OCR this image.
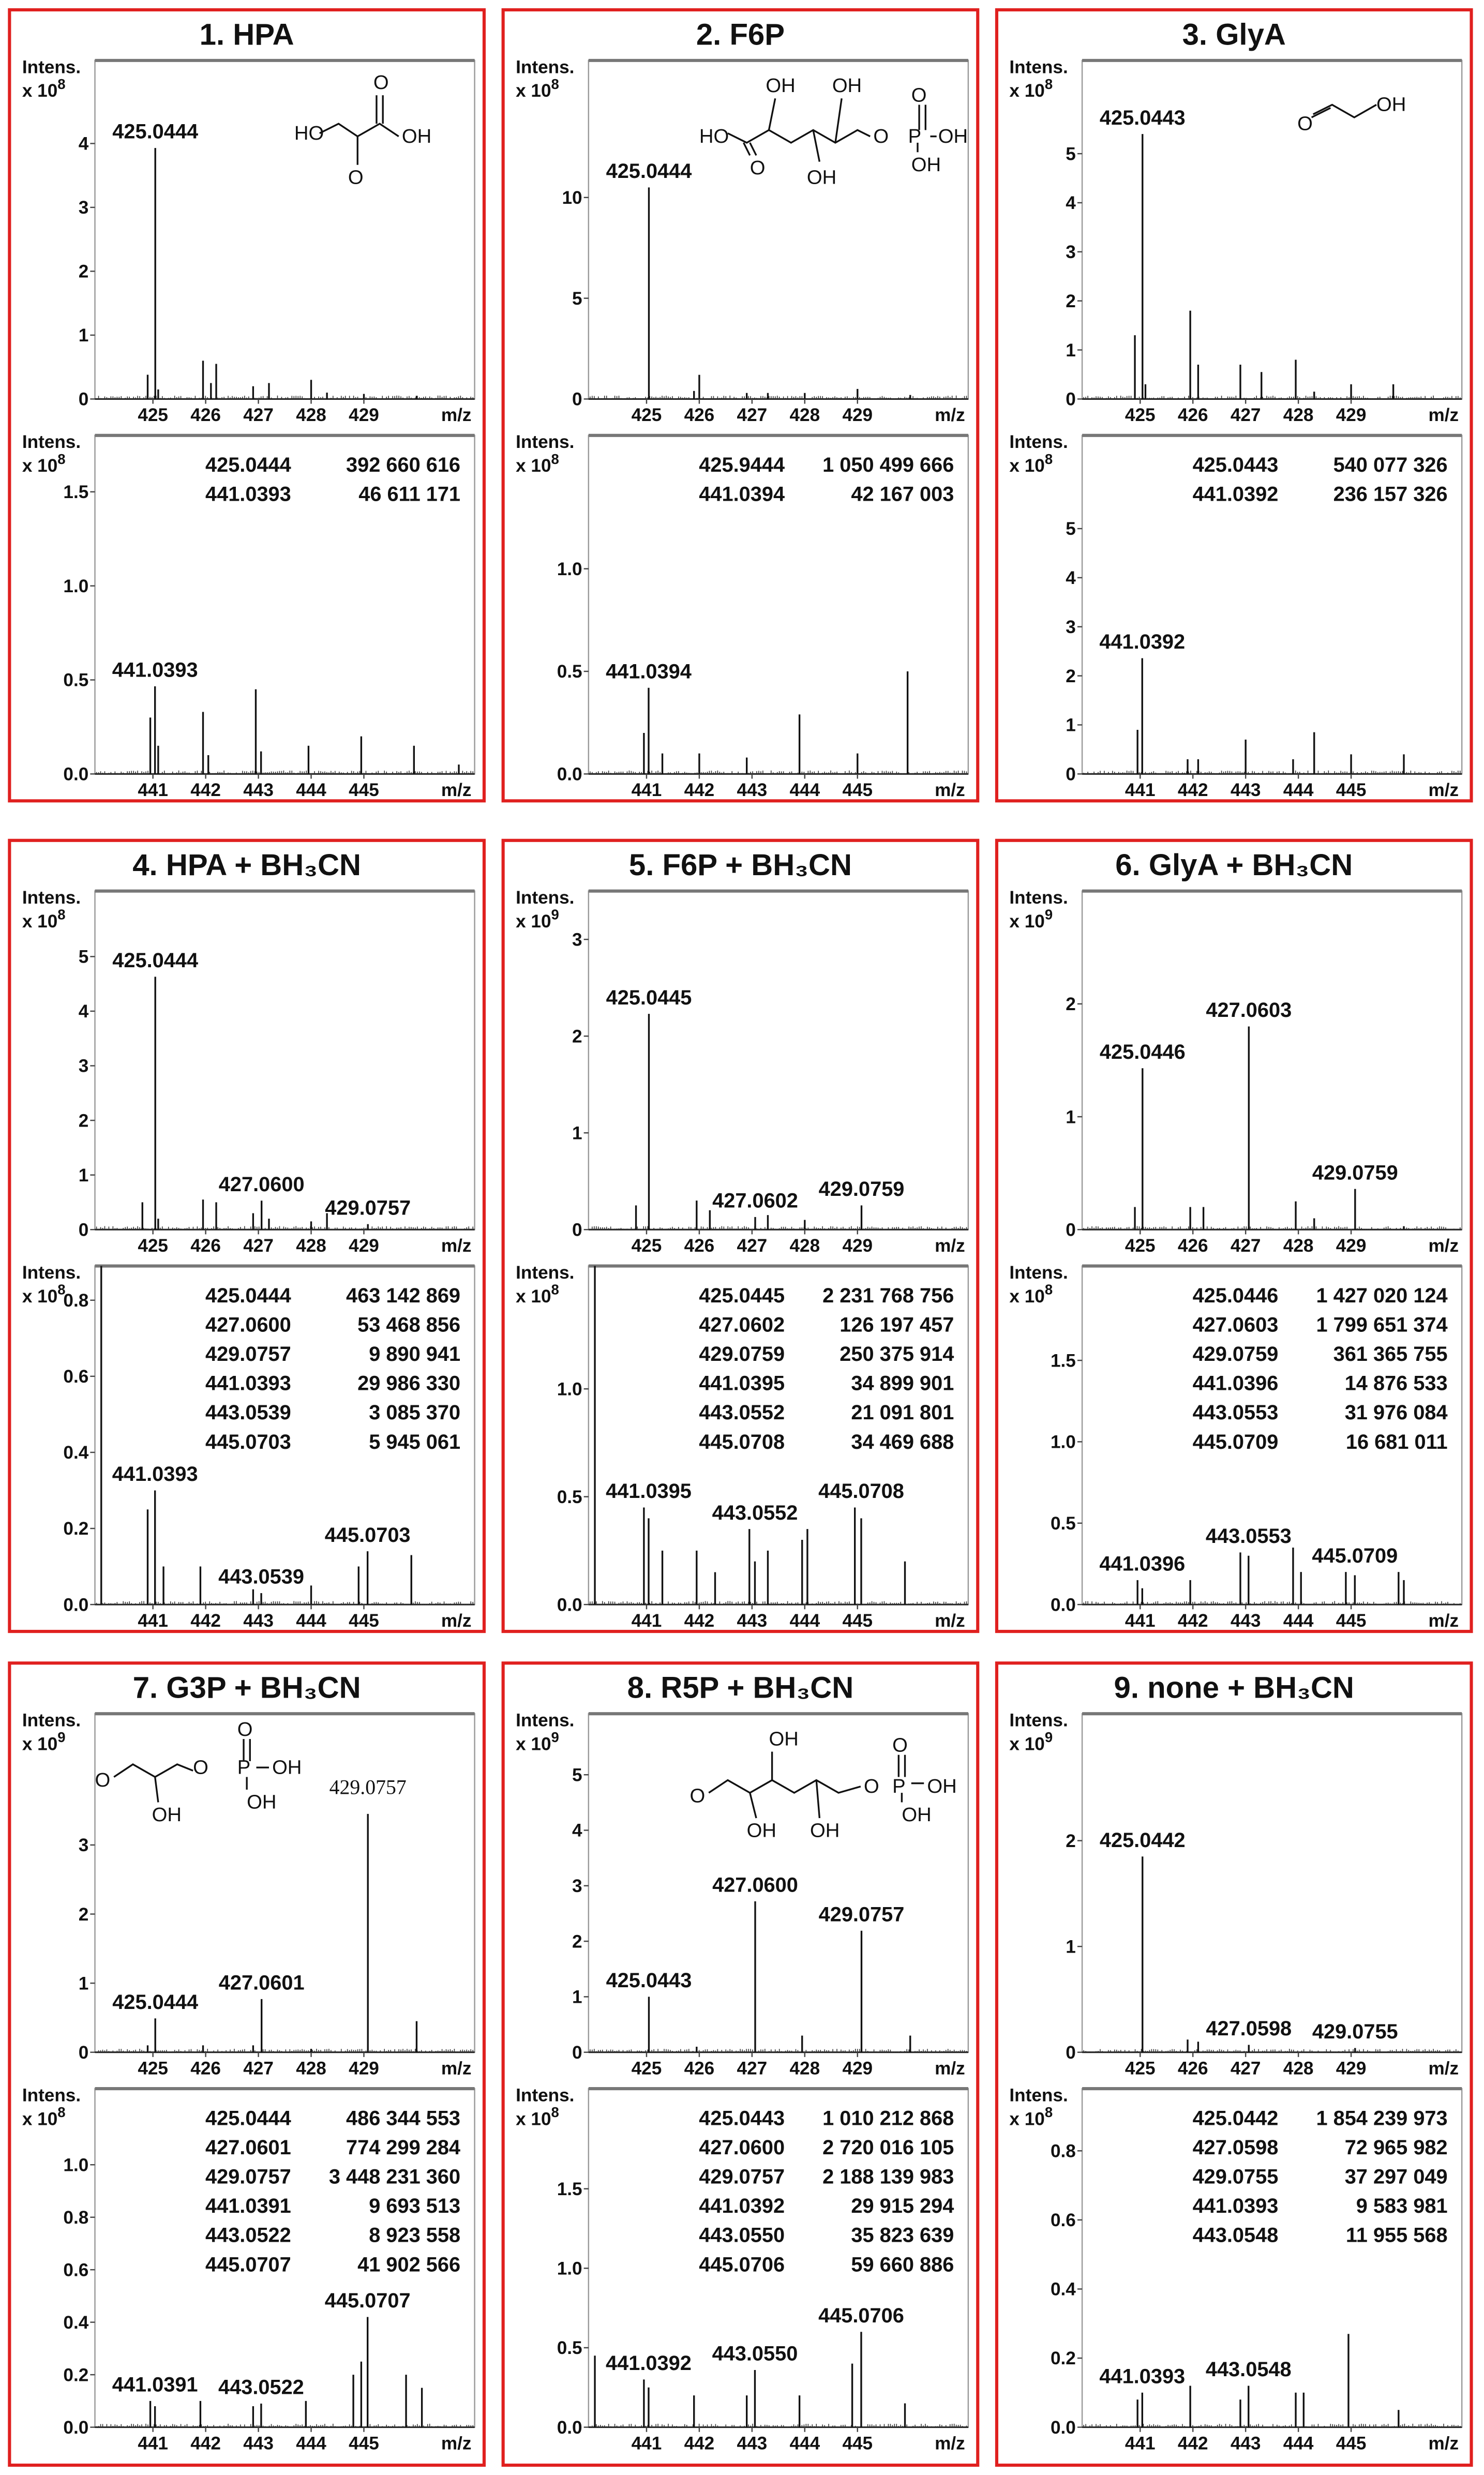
1. HPA
Intens.
x $10^8$
0
1
2
3
4
425	426	427	428	429	m/z
425.0444
Intens.
x $10^8$
0.0
0.5
1.0
1.5
441	442	443	444	445	m/z
441.0393
425.0444	392 660 616
441.0393	46 611 171
HO
O
O
OH
2. F6P
Intens.
x $10^8$
0
5
10
425	426	427	428	429	m/z
425.0444
Intens.
x $10^8$
0.0
0.5
1.0
441	442	443	444	445	m/z
441.0394
425.9444	1 050 499 666
441.0394	42 167 003
HO
O
OH	OH
OH
O	P
O
OH
OH
3. GlyA
Intens.
x $10^8$
0
1
2
3
4
5
425	426	427	428	429	m/z
425.0443
Intens.
x $10^8$
0
1
2
3
4
5
441	442	443	444	445	m/z
441.0392
425.0443	540 077 326
441.0392	236 157 326
O
OH
4. HPA + BH₃CN
Intens.
x $10^8$
0
1
2
3
4
5
425	426	427	428	429	m/z
425.0444
427.0600
429.0757
Intens.
x $10^8$
0.0
0.2
0.4
0.6
0.8
441	442	443	444	445	m/z
441.0393
443.0539
445.0703
425.0444	463 142 869
427.0600	53 468 856
429.0757	9 890 941
441.0393	29 986 330
443.0539	3 085 370
445.0703	5 945 061
5. F6P + BH₃CN
Intens.
x $10^9$
0
1
2
3
425	426	427	428	429	m/z
425.0445
427.0602
429.0759
Intens.
x $10^8$
0.0
0.5
1.0
441	442	443	444	445	m/z
441.0395
443.0552
445.0708
425.0445	2 231 768 756
427.0602	126 197 457
429.0759	250 375 914
441.0395	34 899 901
443.0552	21 091 801
445.0708	34 469 688
6. GlyA + BH₃CN
Intens.
x $10^9$
0
1
2
425	426	427	428	429	m/z
425.0446
427.0603
429.0759
Intens.
x $10^8$
0.0
0.5
1.0
1.5
441	442	443	444	445	m/z
441.0396
443.0553
445.0709
425.0446	1 427 020 124
427.0603	1 799 651 374
429.0759	361 365 755
441.0396	14 876 533
443.0553	31 976 084
445.0709	16 681 011
7. G3P + BH₃CN
Intens.
x $10^9$
0
1
2
3
425	426	427	428	429	m/z
425.0444
427.0601
429.0757
Intens.
x $10^8$
0.0
0.2
0.4
0.6
0.8
1.0
441	442	443	444	445	m/z
441.0391	443.0522
445.0707
425.0444	486 344 553
427.0601	774 299 284
429.0757	3 448 231 360
441.0391	9 693 513
443.0522	8 923 558
445.0707	41 902 566
O
OH
O	P
O
OH
OH
8. R5P + BH₃CN
Intens.
x $10^9$
0
1
2
3
4
5
425	426	427	428	429	m/z
425.0443
427.0600
429.0757
Intens.
x $10^8$
0.0
0.5
1.0
1.5
441	442	443	444	445	m/z
441.0392	443.0550
445.0706
425.0443	1 010 212 868
427.0600	2 720 016 105
429.0757	2 188 139 983
441.0392	29 915 294
443.0550	35 823 639
445.0706	59 660 886
O
OH
OH	OH
O P
O
OH
OH
9. none + BH₃CN
Intens.
x $10^9$
0
1
2
425	426	427	428	429	m/z
425.0442
427.0598	429.0755
Intens.
x $10^8$
0.0
0.2
0.4
0.6
0.8
441	442	443	444	445	m/z
441.0393	443.0548
425.0442	1 854 239 973
427.0598	72 965 982
429.0755	37 297 049
441.0393	9 583 981
443.0548	11 955 568
